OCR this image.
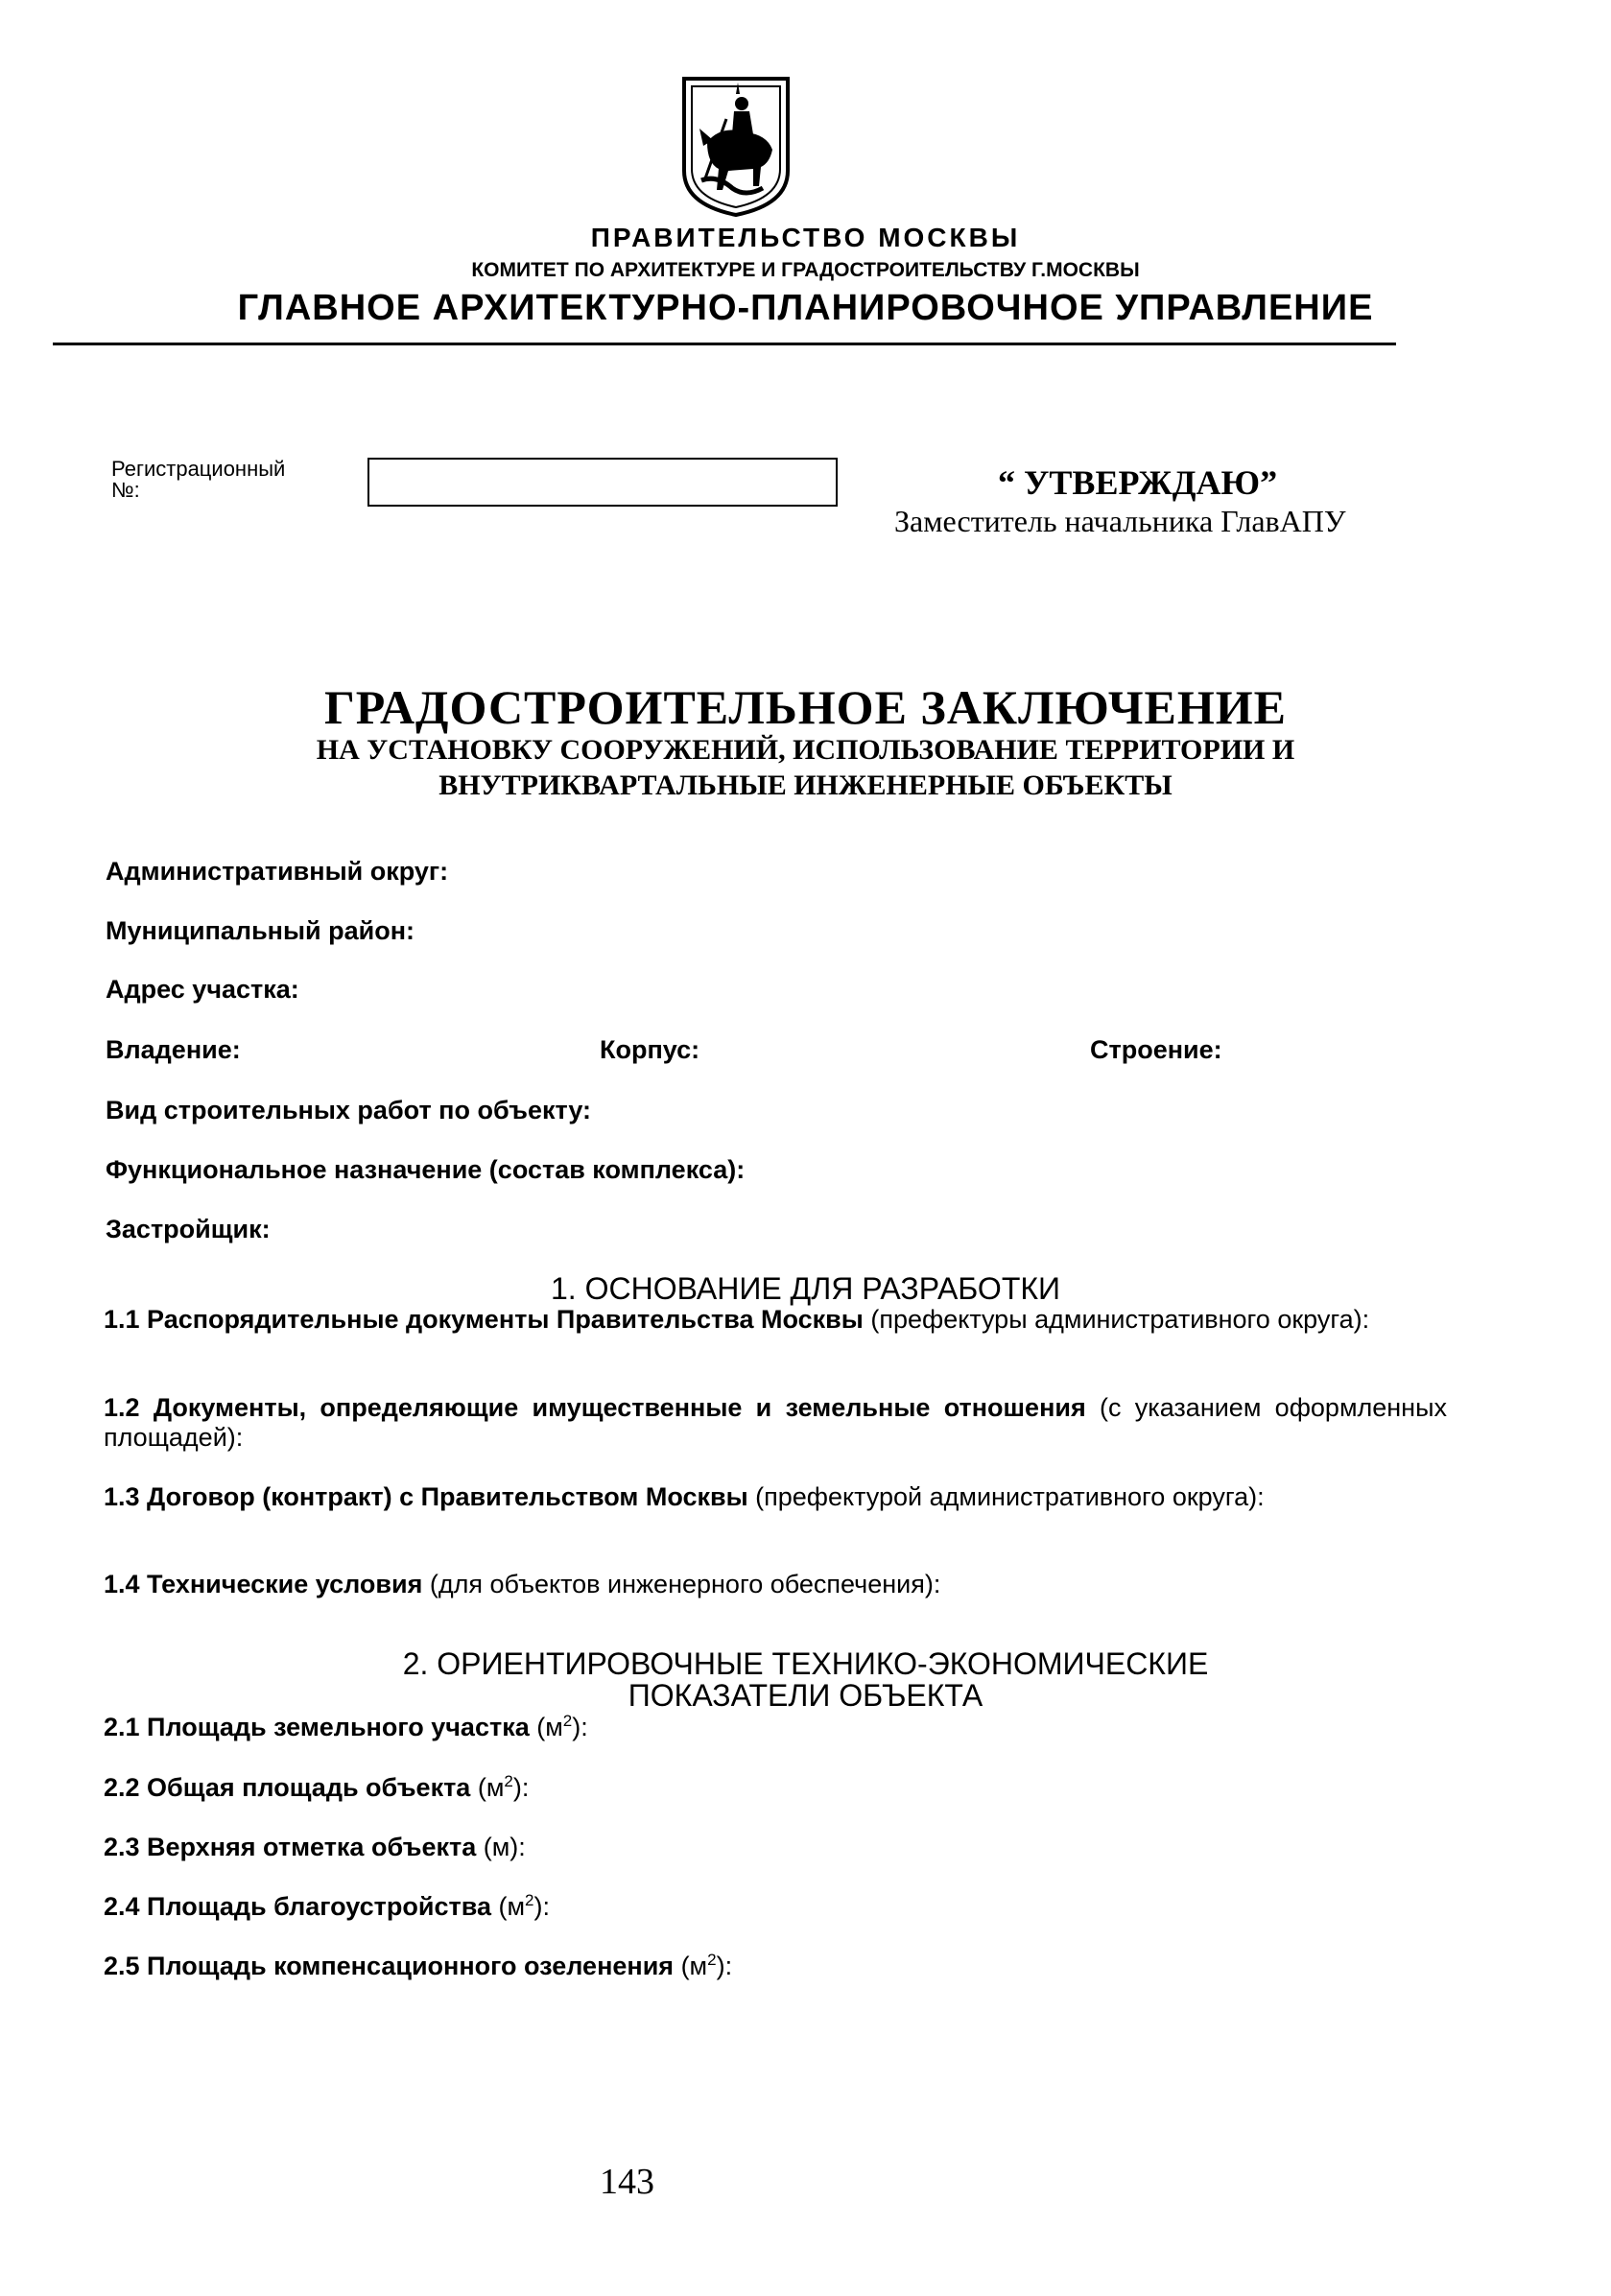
ПРАВИТЕЛЬСТВО МОСКВЫ
КОМИТЕТ ПО АРХИТЕКТУРЕ И ГРАДОСТРОИТЕЛЬСТВУ Г.МОСКВЫ
ГЛАВНОЕ АРХИТЕКТУРНО-ПЛАНИРОВОЧНОЕ УПРАВЛЕНИЕ
Регистрационный
№:	“ УТВЕРЖДАЮ”
Заместитель начальника ГлавАПУ
ГРАДОСТРОИТЕЛЬНОЕ ЗАКЛЮЧЕНИЕ
НА УСТАНОВКУ СООРУЖЕНИЙ, ИСПОЛЬЗОВАНИЕ ТЕРРИТОРИИ И
ВНУТРИКВАРТАЛЬНЫЕ ИНЖЕНЕРНЫЕ ОБЪЕКТЫ
Административный округ:
Муниципальный район:
Адрес участка:
Владение:	Корпус:	Строение:
Вид строительных работ по объекту:
Функциональное назначение (состав комплекса):
Застройщик:
1. ОСНОВАНИЕ ДЛЯ РАЗРАБОТКИ
1.1 Распорядительные документы Правительства Москвы (префектуры административного округа):
1.2 Документы, определяющие имущественные и земельные отношения (с указанием оформленных площадей):
1.3 Договор (контракт) с Правительством Москвы (префектурой административного округа):
1.4 Технические условия (для объектов инженерного обеспечения):
2. ОРИЕНТИРОВОЧНЫЕ ТЕХНИКО-ЭКОНОМИЧЕСКИЕ
ПОКАЗАТЕЛИ ОБЪЕКТА
2.1 Площадь земельного участка $(м^2)$:
2.2 Общая площадь объекта $(м^2)$:
2.3 Верхняя отметка объекта (м):
2.4 Площадь благоустройства $(м^2)$:
2.5 Площадь компенсационного озеленения $(м^2)$:
143
